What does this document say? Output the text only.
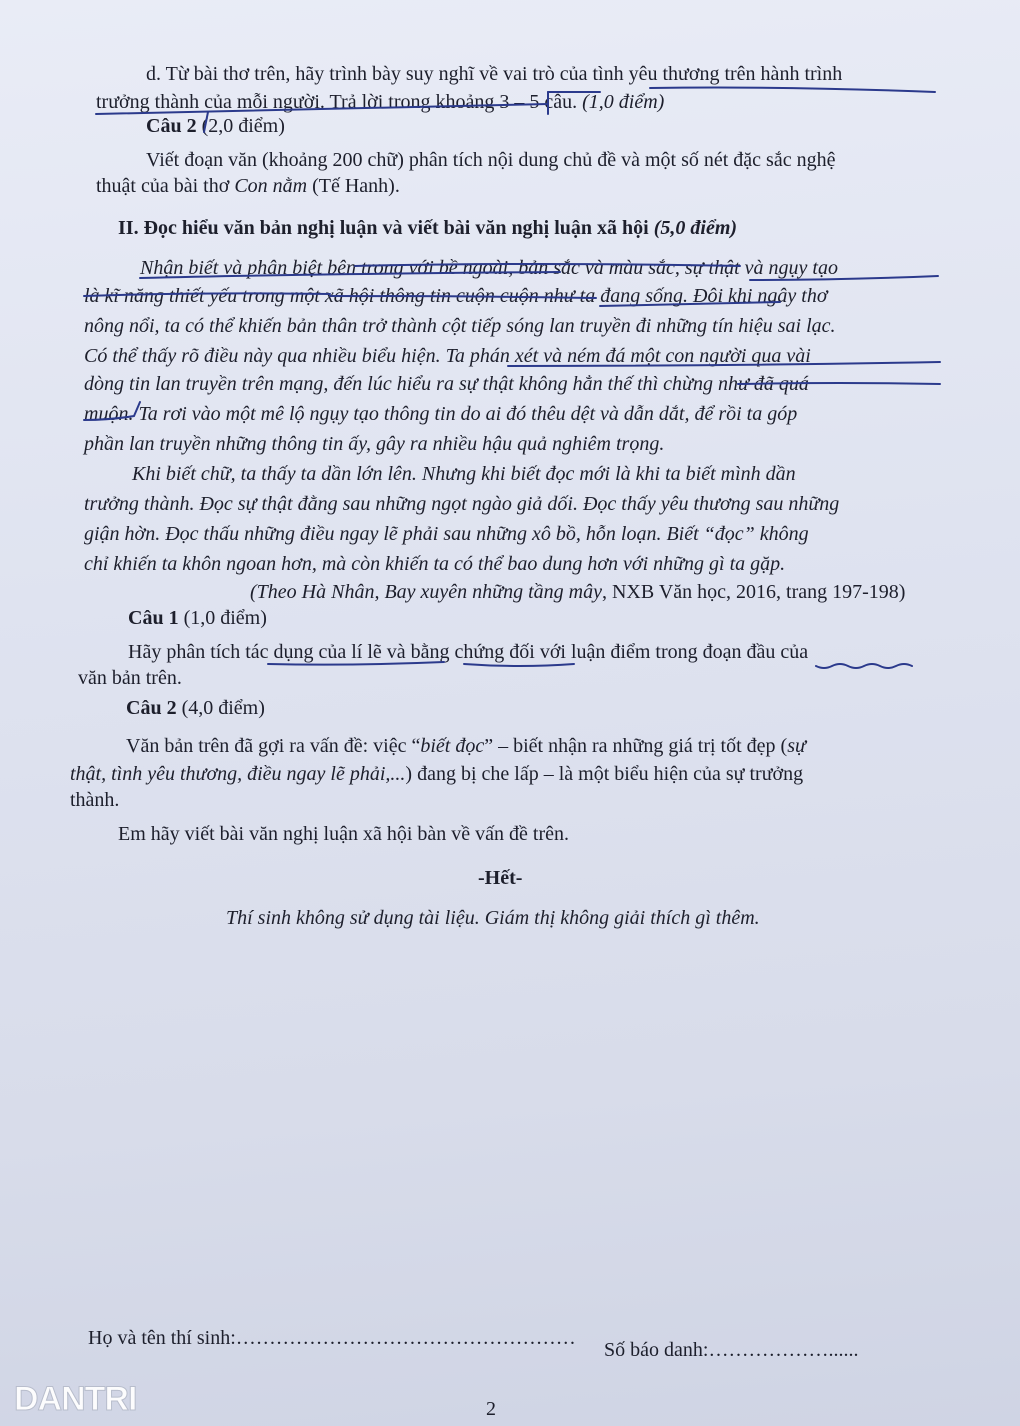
d. Từ bài thơ trên, hãy trình bày suy nghĩ về vai trò của tình yêu thương trên hành trình
trưởng thành của mỗi người. Trả lời trong khoảng 3 – 5 câu. (1,0 điểm)
Câu 2 (2,0 điểm)
Viết đoạn văn (khoảng 200 chữ) phân tích nội dung chủ đề và một số nét đặc sắc nghệ
thuật của bài thơ Con nằm (Tế Hanh).
II. Đọc hiểu văn bản nghị luận và viết bài văn nghị luận xã hội (5,0 điểm)
Nhận biết và phân biệt bên trong với bề ngoài, bản sắc và màu sắc, sự thật và ngụy tạo
là kĩ năng thiết yếu trong một xã hội thông tin cuộn cuộn như ta đang sống. Đôi khi ngây thơ
nông nổi, ta có thể khiến bản thân trở thành cột tiếp sóng lan truyền đi những tín hiệu sai lạc.
Có thể thấy rõ điều này qua nhiều biểu hiện. Ta phán xét và ném đá một con người qua vài
dòng tin lan truyền trên mạng, đến lúc hiểu ra sự thật không hẳn thế thì chừng như đã quá
muộn. Ta rơi vào một mê lộ ngụy tạo thông tin do ai đó thêu dệt và dẫn dắt, để rồi ta góp
phần lan truyền những thông tin ấy, gây ra nhiều hậu quả nghiêm trọng.
Khi biết chữ, ta thấy ta dần lớn lên. Nhưng khi biết đọc mới là khi ta biết mình dần
trưởng thành. Đọc sự thật đằng sau những ngọt ngào giả dối. Đọc thấy yêu thương sau những
giận hờn. Đọc thấu những điều ngay lẽ phải sau những xô bồ, hỗn loạn. Biết “đọc” không
chỉ khiến ta khôn ngoan hơn, mà còn khiến ta có thể bao dung hơn với những gì ta gặp.
(Theo Hà Nhân, Bay xuyên những tầng mây, NXB Văn học, 2016, trang 197-198)
Câu 1 (1,0 điểm)
Hãy phân tích tác dụng của lí lẽ và bằng chứng đối với luận điểm trong đoạn đầu của
văn bản trên.
Câu 2 (4,0 điểm)
Văn bản trên đã gợi ra vấn đề: việc “biết đọc” – biết nhận ra những giá trị tốt đẹp (sự
thật, tình yêu thương, điều ngay lẽ phải,...) đang bị che lấp – là một biểu hiện của sự trưởng
thành.
Em hãy viết bài văn nghị luận xã hội bàn về vấn đề trên.
-Hết-
Thí sinh không sử dụng tài liệu. Giám thị không giải thích gì thêm.
Họ và tên thí sinh:……………………………………………
Số báo danh:………………......
DANTRI	2
